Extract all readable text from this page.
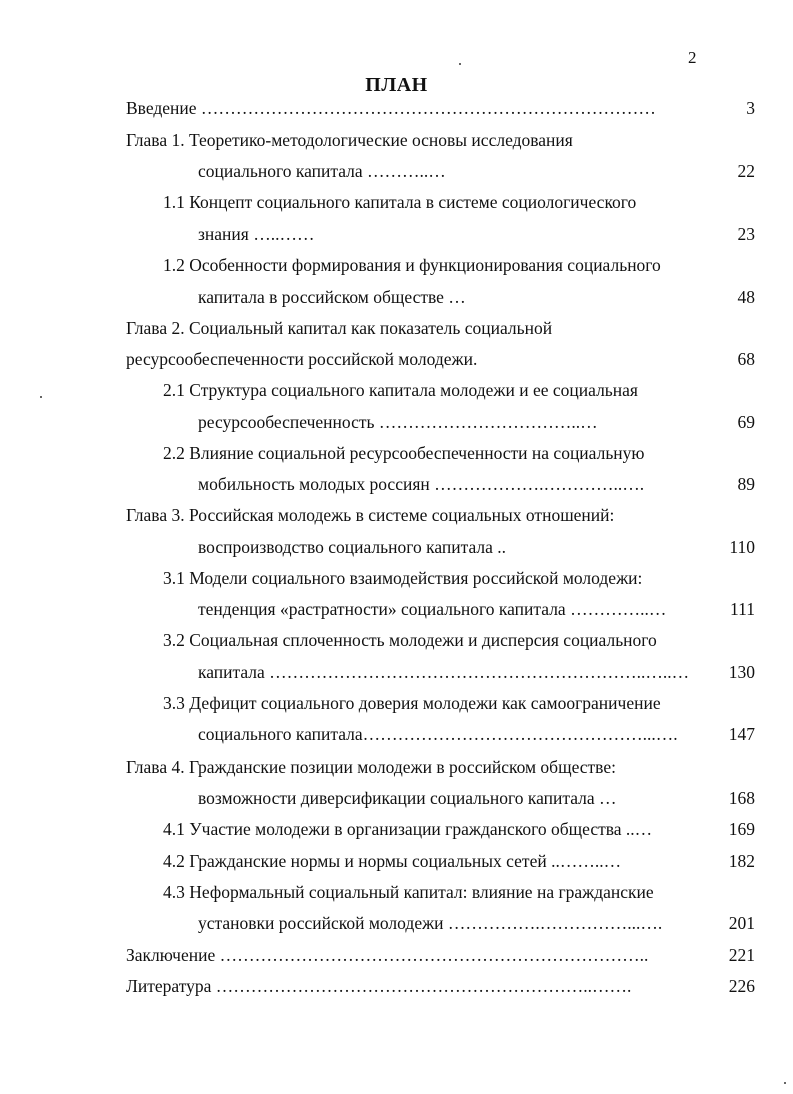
2
ПЛАН
Введение ……………………………………………………………………	3
Глава 1. Теоретико-методологические основы исследования
социального капитала ………..…	22
1.1 Концепт социального капитала в системе социологического
знания …..……	23
1.2 Особенности формирования и функционирования социального
капитала в российском обществе …	48
Глава 2. Социальный капитал как показатель социальной
ресурсообеспеченности российской молодежи.	68
2.1 Структура социального капитала молодежи и ее социальная
ресурсообеспеченность ……………………………..…	69
2.2 Влияние социальной ресурсообеспеченности на социальную
мобильность молодых россиян ……………….…………..….	89
Глава 3. Российская молодежь в системе социальных отношений:
воспроизводство социального капитала ..	110
3.1 Модели социального взаимодействия российской молодежи:
тенденция «растратности» социального капитала …………..…	111
3.2 Социальная сплоченность молодежи и дисперсия социального
капитала ………………………………………………………..…..…	130
3.3 Дефицит социального доверия молодежи как самоограничение
социального капитала…………………………………………...….	147
Глава 4. Гражданские позиции молодежи в российском обществе:
возможности диверсификации социального капитала …	168
4.1 Участие молодежи в организации гражданского общества ..…	169
4.2 Гражданские нормы и нормы социальных сетей ..……..…	182
4.3 Неформальный социальный капитал: влияние на гражданские
установки российской молодежи …………….……………...….	201
Заключение ………………………………………………………………..	221
Литература ………………………………………………………..…….	226
